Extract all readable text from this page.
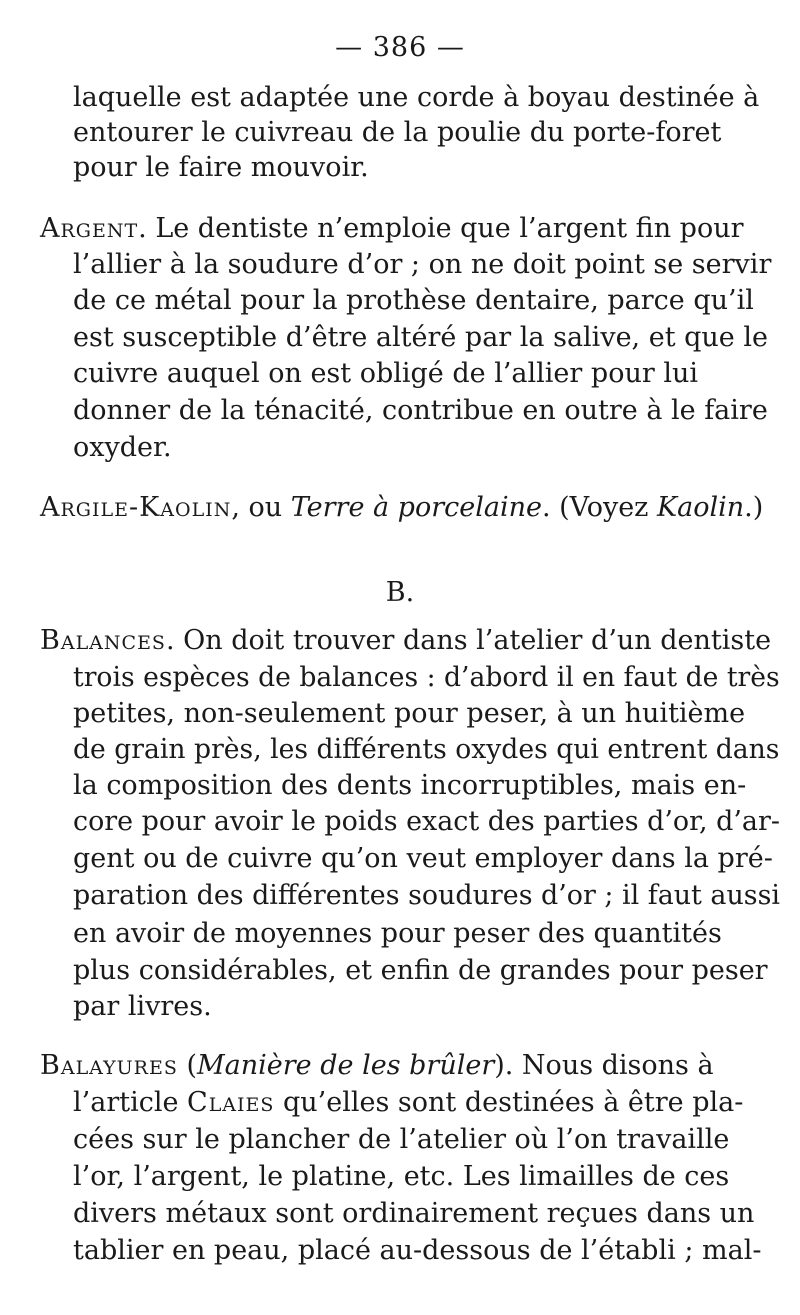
— 386 —
laquelle est adaptée une corde à boyau destinée à
entourer le cuivreau de la poulie du porte-foret
pour le faire mouvoir.
Argent. Le dentiste n’emploie que l’argent fin pour
l’allier à la soudure d’or ; on ne doit point se servir
de ce métal pour la prothèse dentaire, parce qu’il
est susceptible d’être altéré par la salive, et que le
cuivre auquel on est obligé de l’allier pour lui
donner de la ténacité, contribue en outre à le faire
oxyder.
Argile-Kaolin, ou Terre à porcelaine. (Voyez Kaolin.)
B.
Balances. On doit trouver dans l’atelier d’un dentiste
trois espèces de balances : d’abord il en faut de très
petites, non-seulement pour peser, à un huitième
de grain près, les différents oxydes qui entrent dans
la composition des dents incorruptibles, mais en-
core pour avoir le poids exact des parties d’or, d’ar-
gent ou de cuivre qu’on veut employer dans la pré-
paration des différentes soudures d’or ; il faut aussi
en avoir de moyennes pour peser des quantités
plus considérables, et enfin de grandes pour peser
par livres.
Balayures (Manière de les brûler). Nous disons à
l’article Claies qu’elles sont destinées à être pla-
cées sur le plancher de l’atelier où l’on travaille
l’or, l’argent, le platine, etc. Les limailles de ces
divers métaux sont ordinairement reçues dans un
tablier en peau, placé au-dessous de l’établi ; mal-
